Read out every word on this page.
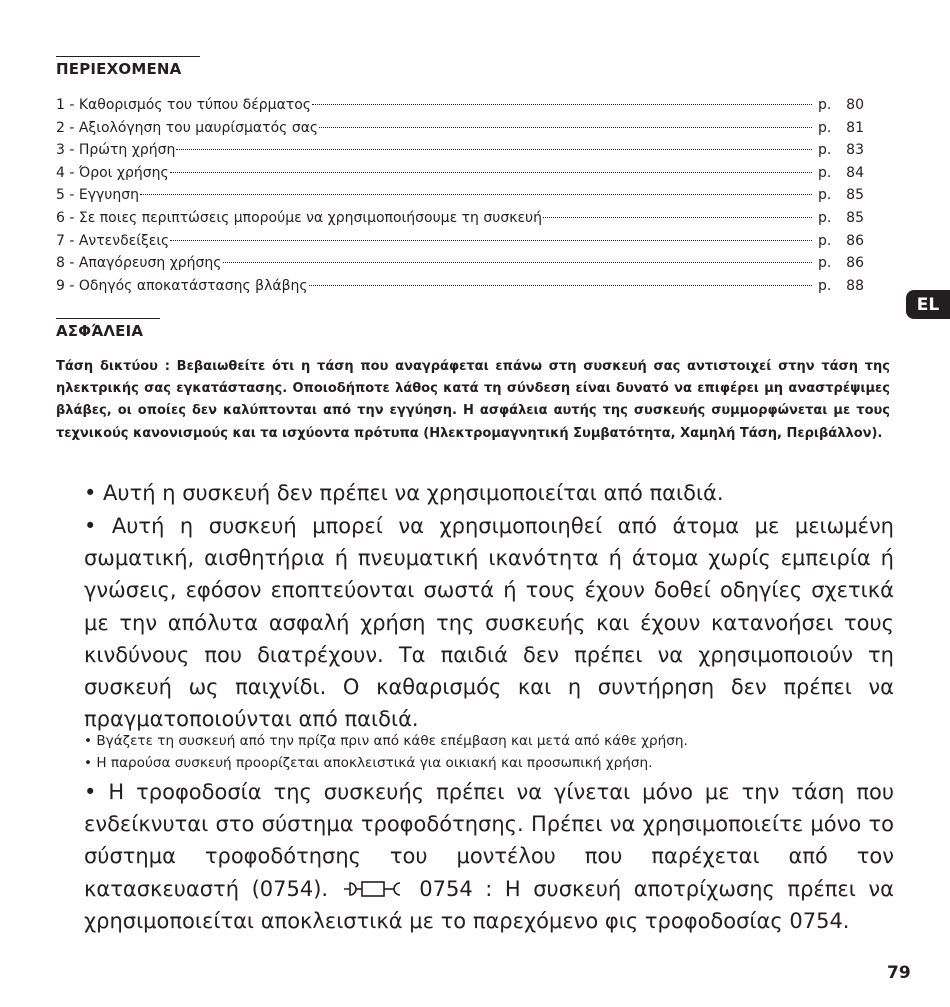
ΠΕΡΙΕΧΟΜΕΝΑ
1 - Καθορισμός του τύπου δέρματος	p. 80
2 - Αξιολόγηση του μαυρίσματός σας	p. 81
3 - Πρώτη χρήση	p. 83
4 - Όροι χρήσης	p. 84
5 - Εγγυηση	p. 85
6 - Σε ποιες περιπτώσεις μπορούμε να χρησιμοποιήσουμε τη συσκευή	p. 85
7 - Αντενδείξεις	p. 86
8 - Απαγόρευση χρήσης	p. 86
9 - Οδηγός αποκατάστασης βλάβης	p. 88
EL
ΑΣΦΆΛΕΙΑ

Τάση δικτύου : Βεβαιωθείτε ότι η τάση που αναγράφεται επάνω στη συσκευή σας αντιστοιχεί στην τάση της ηλεκτρικής σας εγκατάστασης. Οποιοδήποτε λάθος κατά τη σύνδεση είναι δυνατό να επιφέρει μη αναστρέψιμες βλάβες, οι οποίες δεν καλύπτονται από την εγγύηση. Η ασφάλεια αυτής της συσκευής συμμορφώνεται με τους τεχνικούς κανονισμούς και τα ισχύοντα πρότυπα (Ηλεκτρομαγνητική Συμβατότητα, Χαμηλή Τάση, Περιβάλλον).

• Αυτή η συσκευή δεν πρέπει να χρησιμοποιείται από παιδιά.

• Αυτή η συσκευή μπορεί να χρησιμοποιηθεί από άτομα με μειωμένη σωματική, αισθητήρια ή πνευματική ικανότητα ή άτομα χωρίς εμπειρία ή γνώσεις, εφόσον εποπτεύονται σωστά ή τους έχουν δοθεί οδηγίες σχετικά με την απόλυτα ασφαλή χρήση της συσκευής και έχουν κατανοήσει τους κινδύνους που διατρέχουν. Τα παιδιά δεν πρέπει να χρησιμοποιούν τη συσκευή ως παιχνίδι. Ο καθαρισμός και η συντήρηση δεν πρέπει να πραγματοποιούνται από παιδιά.

• Βγάζετε τη συσκευή από την πρίζα πριν από κάθε επέμβαση και μετά από κάθε χρήση.

• Η παρούσα συσκευή προορίζεται αποκλειστικά για οικιακή και προσωπική χρήση.

• Η τροφοδοσία της συσκευής πρέπει να γίνεται μόνο με την τάση που ενδείκνυται στο σύστημα τροφοδότησης. Πρέπει να χρησιμοποιείτε μόνο το σύστημα τροφοδότησης του μοντέλου που παρέχεται από τον κατασκευαστή (0754).	0754 : Η συσκευή αποτρίχωσης πρέπει να χρησιμοποιείται αποκλειστικά με το παρεχόμενο φις τροφοδοσίας 0754.

79
